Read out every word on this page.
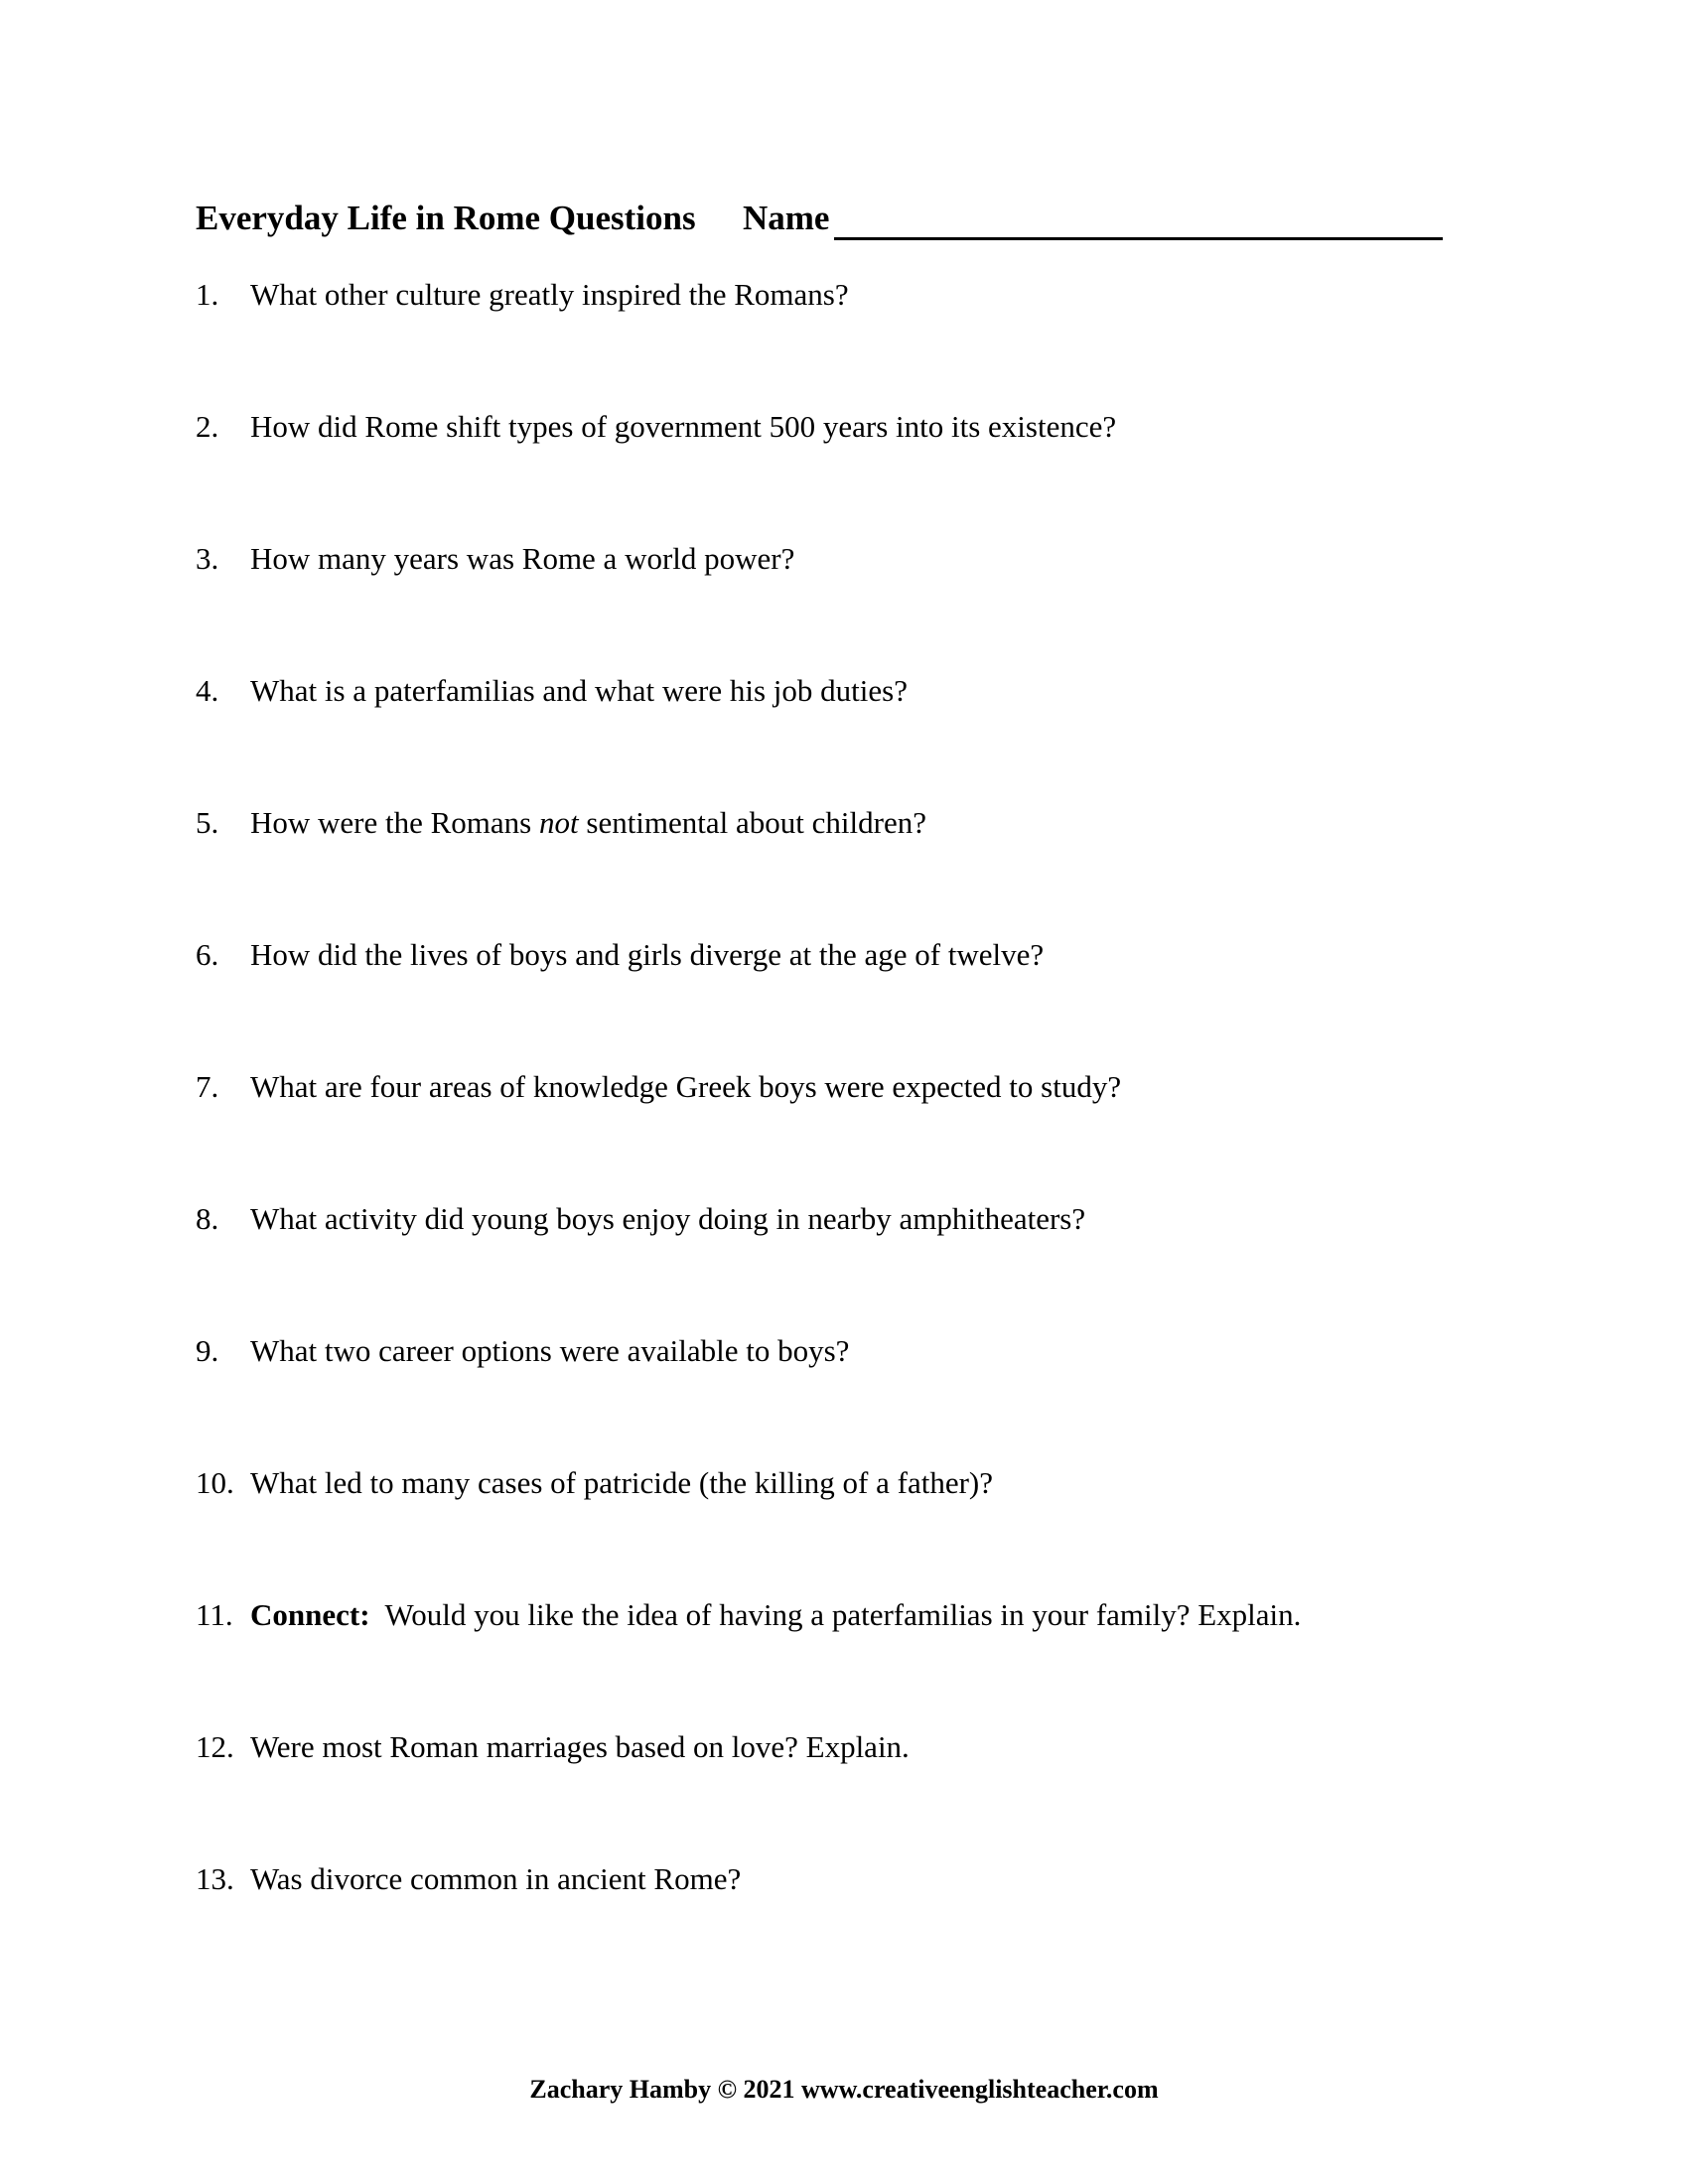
Everyday Life in Rome Questions Name
1.	What other culture greatly inspired the Romans?
2.	How did Rome shift types of government 500 years into its existence?
3.	How many years was Rome a world power?
4.	What is a paterfamilias and what were his job duties?
5.	How were the Romans not sentimental about children?
6.	How did the lives of boys and girls diverge at the age of twelve?
7.	What are four areas of knowledge Greek boys were expected to study?
8.	What activity did young boys enjoy doing in nearby amphitheaters?
9.	What two career options were available to boys?
10. What led to many cases of patricide (the killing of a father)?
11. Connect:  Would you like the idea of having a paterfamilias in your family? Explain.
12. Were most Roman marriages based on love? Explain.
13. Was divorce common in ancient Rome?
Zachary Hamby © 2021 www.creativeenglishteacher.com
